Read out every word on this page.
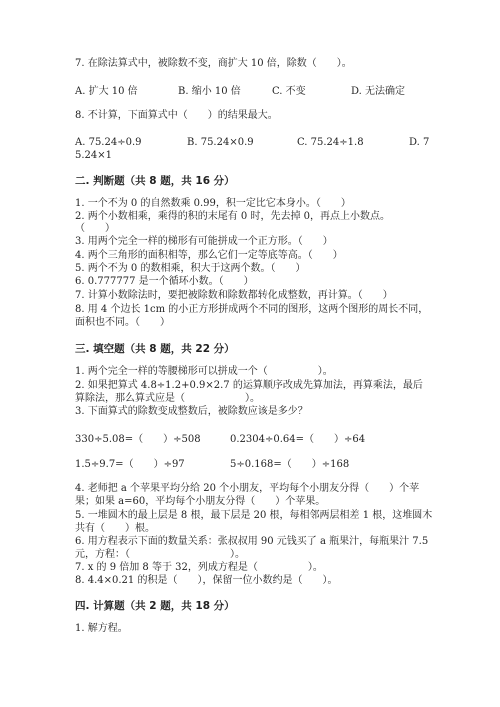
7. 在除法算式中，被除数不变，商扩大 10 倍，除数（　　）。
A. 扩大 10 倍	B. 缩小 10 倍	C. 不变	D. 无法确定
8. 不计算，下面算式中（　　）的结果最大。
A. 75.24÷0.9	B. 75.24×0.9	C. 75.24÷1.8	D. 7
5.24×1
二. 判断题（共 8 题，共 16 分）
1. 一个不为 0 的自然数乘 0.99，积一定比它本身小。（　　）
2. 两个小数相乘，乘得的积的末尾有 0 时，先去掉 0，再点上小数点。
（　　）
3. 用两个完全一样的梯形有可能拼成一个正方形。（　　）
4. 两个三角形的面积相等，那么它们一定等底等高。（　　）
5. 两个不为 0 的数相乘，积大于这两个数。（　　）
6. 0.777777 是一个循环小数。（　　）
7. 计算小数除法时，要把被除数和除数都转化成整数，再计算。（　　）
8. 用 4 个边长 1cm 的小正方形拼成两个不同的图形，这两个图形的周长不同，
面积也不同。（　　）
三. 填空题（共 8 题，共 22 分）
1. 两个完全一样的等腰梯形可以拼成一个（　　　　　）。
2. 如果把算式 4.8÷1.2+0.9×2.7 的运算顺序改成先算加法，再算乘法，最后
算除法，那么算式应是（　　　　　　）。
3. 下面算式的除数变成整数后，被除数应该是多少？
330÷5.08=（　　）÷508	0.2304÷0.64=（　　）÷64
1.5÷9.7=（　　）÷97	5÷0.168=（　　）÷168
4. 老师把 a 个苹果平均分给 20 个小朋友，平均每个小朋友分得（　　）个苹
果；如果 a=60，平均每个小朋友分得（　　）个苹果。
5. 一堆圆木的最上层是 8 根，最下层是 20 根，每相邻两层相差 1 根，这堆圆木
共有（　　）根。
6. 用方程表示下面的数量关系：张叔叔用 90 元钱买了 a 瓶果汁，每瓶果汁 7.5
元，方程：（　　　　　　　　　　）。
7. x 的 9 倍加 8 等于 32，列成方程是（　　　　　）。
8. 4.4×0.21 的积是（　　），保留一位小数约是（　　）。
四. 计算题（共 2 题，共 18 分）
1. 解方程。
